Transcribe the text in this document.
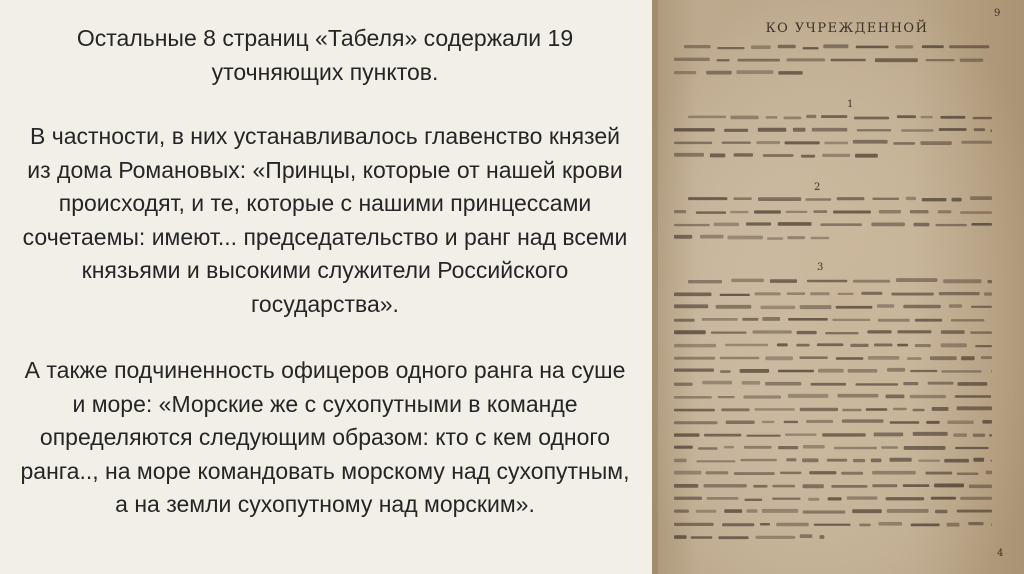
Остальные 8 страниц «Табеля» содержали 19 уточняющих пунктов.

В частности, в них устанавливалось главенство князей из дома Романовых: «Принцы, которые от нашей крови происходят, и те, которые с нашими принцессами сочетаемы: имеют... председательство и ранг над всеми князьями и высокими служители Российского государства».

А также подчиненность офицеров одного ранга на суше и море: «Морские же с сухопутными в команде определяются следующим образом: кто с кем одного ранга.., на море командовать морскому над сухопутным, а на земли сухопутному над морским».

КО УЧРЕЖДЕННОЙ
9
1
2
3
4
